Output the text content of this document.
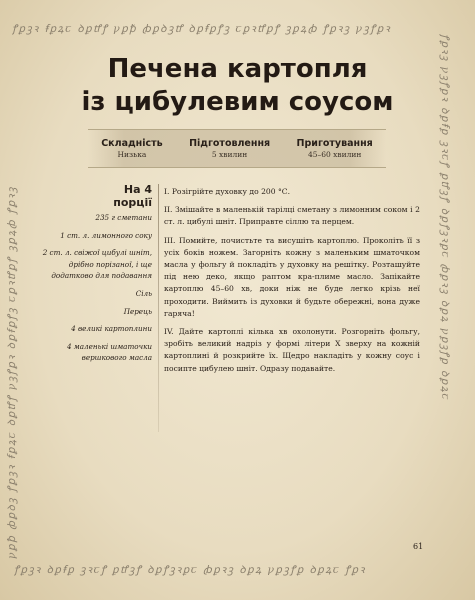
ꝭꝑꝫꝛ ꞙꝑꝝꞇ ꝺꝑꝷꝭ ꝩꝑꝥ ꞗꝑꝺꝫꝷ ꝺꝑꞙꝑꝭꝫ ꞇꝑꝛꝷꝑꝭ ꝫꝑꝝꞗ ꝭꝑꝛꝫ ꝩꝫꝭꝑꝛ
ꝭꝑꝫꝛ ꝺꝑꞙꝑ ꝫꝛꞇꝭ ꝑꝷꝫꝭ ꝺꝑꝭꝫꝛꝑꞇ ꞗꝑꝛꝫ ꝺꝑꝝ ꝩꝑꝫꝭꝑ ꝺꝑꝝꞇ ꝭꝑꝛ
ꝩꝑꝥ ꞗꝑꝺꝫ ꝭꝑꝫꝛ ꞙꝑꝝꞇ ꝺꝑꝷꝭ ꝩꝫꝭꝑꝛ ꝺꝑꞙꝑꝭꝫ ꞇꝑꝛꝷꝑꝭ ꝫꝑꝝꞗ ꝭꝑꝛꝫ	ꝭꝑꝛꝫ ꝩꝫꝭꝑꝛ ꝺꝑꞙꝑ ꝫꝛꞇꝭ ꝑꝷꝫꝭ ꝺꝑꝭꝫꝛꝑꞇ ꞗꝑꝛꝫ ꝺꝑꝝ ꝩꝑꝫꝭꝑ ꝺꝑꝝꞇ
Печена картопля
із цибулевим соусом
Складність
Низька
Підготовлення
5 хвилин
Приготування
45–60 хвилин
На 4 порції

235 г сметани

1 ст. л. лимонного соку

2 ст. л. свіжої цибулі шніт, дрібно порізаної, і ще додатково для подавання

Сіль

Перець

4 великі картоплини

4 маленькі шматочки вершкового масла

I. Розігрійте духовку до 200 °С.

II. Змішайте в маленькій тарілці сметану з лимонним соком і 2 ст. л. цибулі шніт. Приправте сіллю та перцем.

III. Помийте, почистьте та висушіть картоплю. Проколіть її з усіх боків ножем. Загорніть кожну з маленьким шматочком масла у фольгу й покладіть у духовку на решітку. Розташуйте під нею деко, якщо раптом кра-плиме масло. Запікайте картоплю 45–60 хв, доки ніж не буде легко крізь неї проходити. Виймить із духовки й будьте обережні, вона дуже гаряча!

IV. Дайте картоплі кілька хв охолонути. Розгорніть фольгу, зробіть великий надріз у формі літери X зверху на кожній картоплині й розкрийте їх. Щедро накладіть у кожну соус і посипте цибулею шніт. Одразу подавайте.

61
